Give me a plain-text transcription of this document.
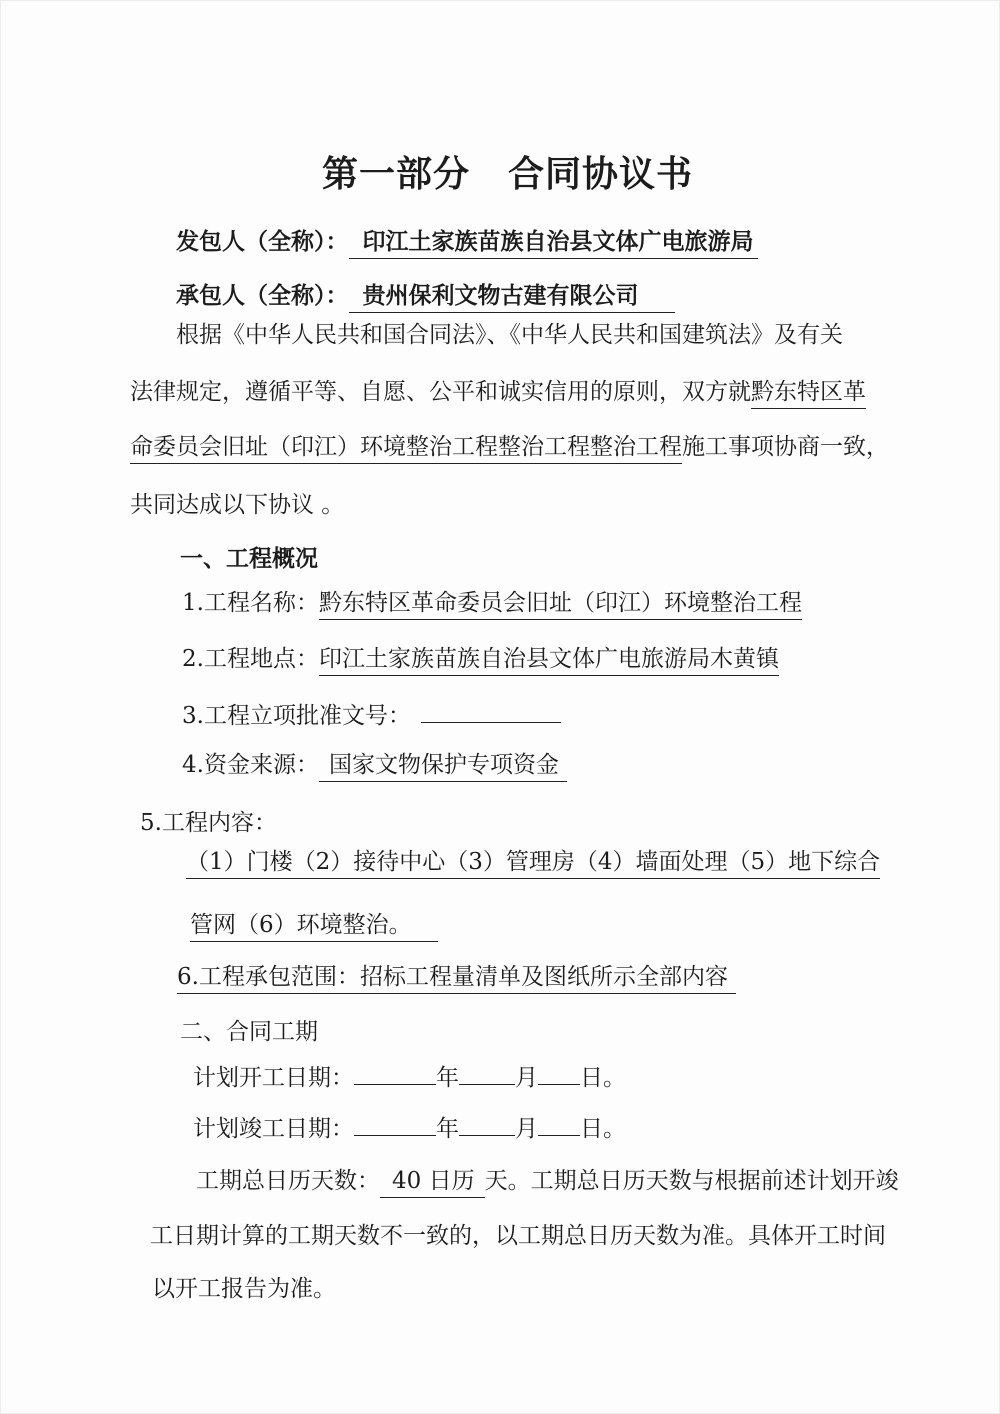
第一部分 合同协议书
发包人（全称）： 印江土家族苗族自治县文体广电旅游局
承包人（全称）： 贵州保利文物古建有限公司
根据《中华人民共和国合同法》、《中华人民共和国建筑法》及有关
法律规定，遵循平等、自愿、公平和诚实信用的原则，双方就黔东特区革
命委员会旧址（印江）环境整治工程整治工程整治工程施工事项协商一致，
共同达成以下协议 。
一、工程概况
1.工程名称：黔东特区革命委员会旧址（印江）环境整治工程
2.工程地点：印江土家族苗族自治县文体广电旅游局木黄镇
3.工程立项批准文号：
4.资金来源： 国家文物保护专项资金
5.工程内容：
（1）门楼（2）接待中心（3）管理房（4）墙面处理（5）地下综合
管网（6）环境整治。
6.工程承包范围：招标工程量清单及图纸所示全部内容
二、合同工期
计划开工日期：	年 月 日。
计划竣工日期：	年 月 日。
工期总日历天数： 40 日历 天。工期总日历天数与根据前述计划开竣
工日期计算的工期天数不一致的，以工期总日历天数为准。具体开工时间
以开工报告为准。
